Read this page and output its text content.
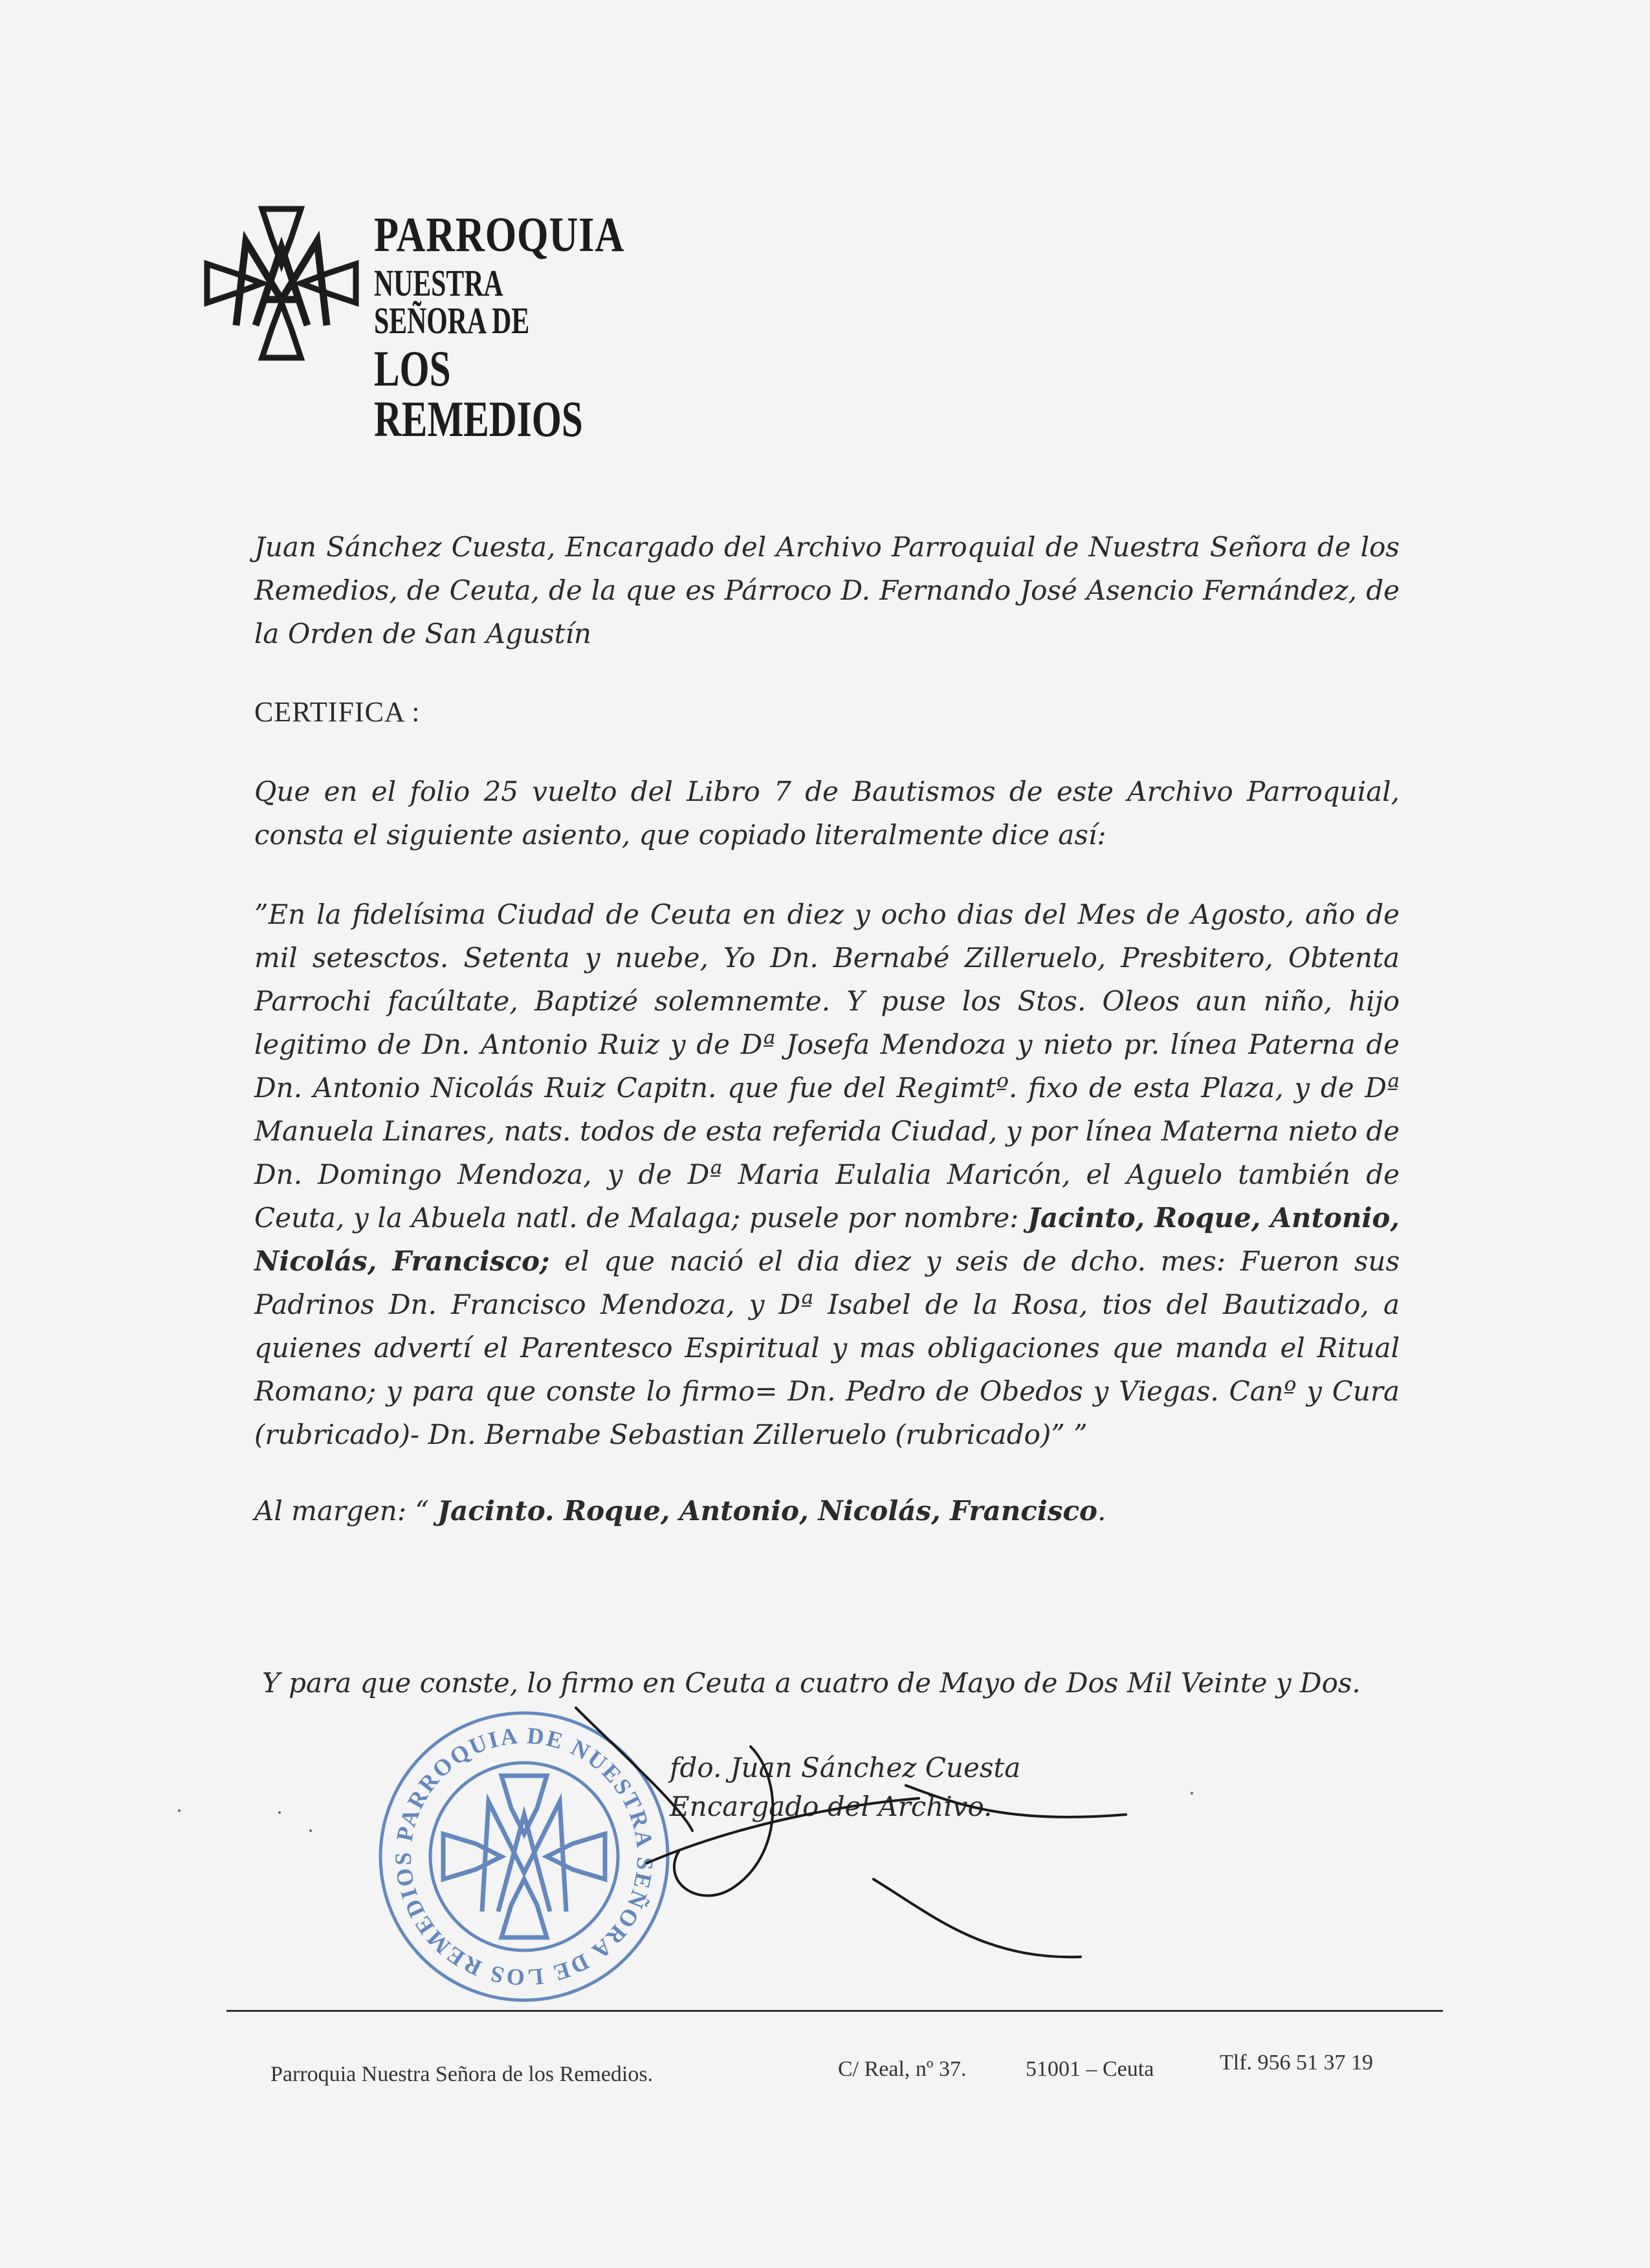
PARROQUIA
NUESTRA SEÑORA DE
LOS REMEDIOS
Juan Sánchez Cuesta, Encargado del Archivo Parroquial de Nuestra Señora de los Remedios, de Ceuta, de la que es Párroco D. Fernando José Asencio Fernández, de la Orden de San Agustín
CERTIFICA :
Que en el folio 25 vuelto del Libro 7 de Bautismos de este Archivo Parroquial, consta el siguiente asiento, que copiado literalmente dice así:
”En la fidelísima Ciudad de Ceuta en diez y ocho dias del Mes de Agosto, año de mil setesctos. Setenta y nuebe, Yo Dn. Bernabé Zilleruelo, Presbitero, Obtenta Parrochi facúltate, Baptizé solemnemte. Y puse los Stos. Oleos aun niño, hijo legitimo de Dn. Antonio Ruiz y de Dª Josefa Mendoza y nieto pr. línea Paterna de Dn. Antonio Nicolás Ruiz Capitn. que fue del Regimtº. fixo de esta Plaza, y de Dª Manuela Linares, nats. todos de esta referida Ciudad, y por línea Materna nieto de Dn. Domingo Mendoza, y de Dª Maria Eulalia Maricón, el Aguelo también de Ceuta, y la Abuela natl. de Malaga; pusele por nombre: Jacinto, Roque, Antonio, Nicolás, Francisco; el que nació el dia diez y seis de dcho. mes: Fueron sus Padrinos Dn. Francisco Mendoza, y Dª Isabel de la Rosa, tios del Bautizado, a quienes advertí el Parentesco Espiritual y mas obligaciones que manda el Ritual Romano; y para que conste lo firmo= Dn. Pedro de Obedos y Viegas. Canº y Cura (rubricado)- Dn. Bernabe Sebastian Zilleruelo (rubricado)” ”
Al margen: “ Jacinto. Roque, Antonio, Nicolás, Francisco.
Y para que conste, lo firmo en Ceuta a cuatro de Mayo de Dos Mil Veinte y Dos.
PARROQUIA DE NUESTRA SEÑORA DE LOS REMEDIOS
fdo. Juan Sánchez Cuesta
Encargado del Archivo.
Parroquia Nuestra Señora de los Remedios.	C/ Real, nº 37.	51001 – Ceuta	Tlf. 956 51 37 19
